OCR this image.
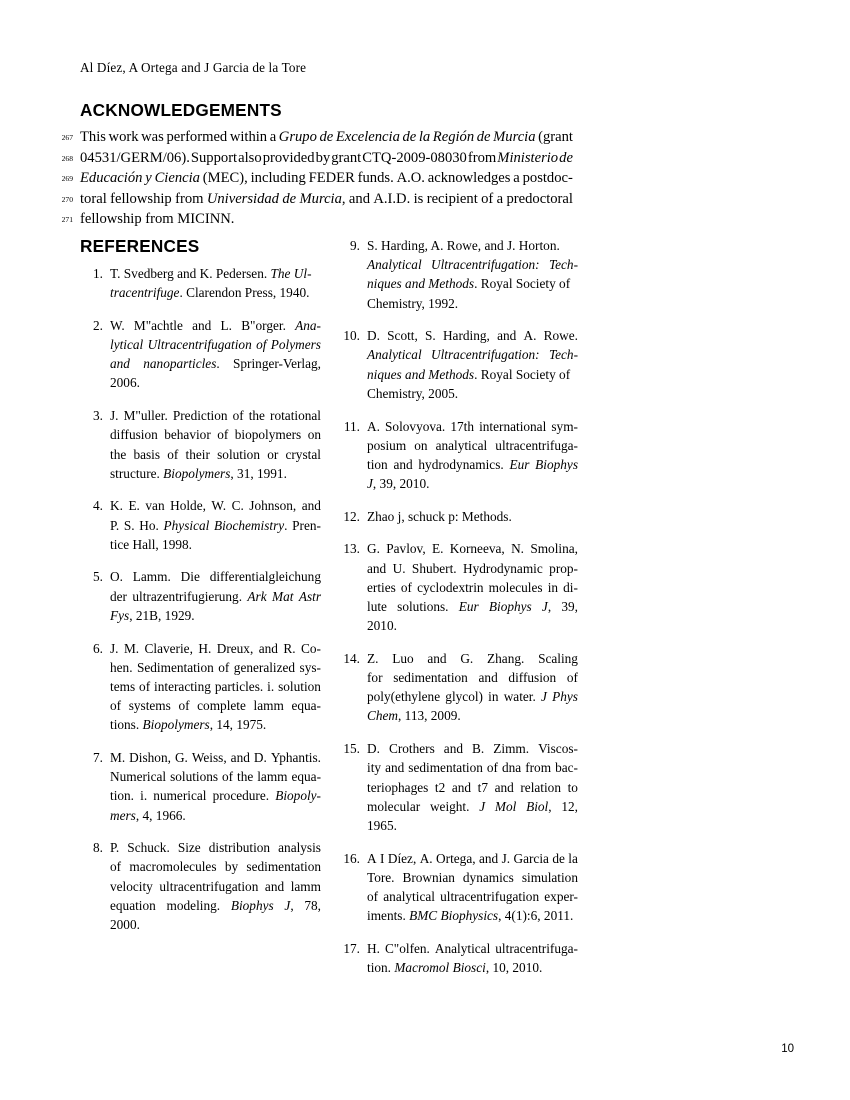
Al Díez, A Ortega and J Garcia de la Tore
ACKNOWLEDGEMENTS
267 This work was performed within a Grupo de Excelencia de la Región de Murcia (grant
268 04531/GERM/06). Support also provided by grant CTQ-2009-08030 from Ministerio de
269 Educación y Ciencia (MEC), including FEDER funds. A.O. acknowledges a postdoc-
270 toral fellowship from Universidad de Murcia, and A.I.D. is recipient of a predoctoral
271 fellowship from MICINN.
REFERENCES
1. T. Svedberg and K. Pedersen. The Ul-
tracentrifuge. Clarendon Press, 1940.
2. W. M"achtle and L. B"orger. Ana-
lytical Ultracentrifugation of Polymers
and nanoparticles. Springer-Verlag,
2006.
3. J. M"uller. Prediction of the rotational
diffusion behavior of biopolymers on
the basis of their solution or crystal
structure. Biopolymers, 31, 1991.
4. K. E. van Holde, W. C. Johnson, and
P. S. Ho. Physical Biochemistry. Pren-
tice Hall, 1998.
5. O. Lamm. Die differentialgleichung
der ultrazentrifugierung. Ark Mat Astr
Fys, 21B, 1929.
6. J. M. Claverie, H. Dreux, and R. Co-
hen. Sedimentation of generalized sys-
tems of interacting particles. i. solution
of systems of complete lamm equa-
tions. Biopolymers, 14, 1975.
7. M. Dishon, G. Weiss, and D. Yphantis.
Numerical solutions of the lamm equa-
tion. i. numerical procedure. Biopoly-
mers, 4, 1966.
8. P. Schuck. Size distribution analysis
of macromolecules by sedimentation
velocity ultracentrifugation and lamm
equation modeling. Biophys J, 78,
2000.
9. S. Harding, A. Rowe, and J. Horton.
Analytical Ultracentrifugation: Tech-
niques and Methods. Royal Society of
Chemistry, 1992.
10. D. Scott, S. Harding, and A. Rowe.
Analytical Ultracentrifugation: Tech-
niques and Methods. Royal Society of
Chemistry, 2005.
11. A. Solovyova. 17th international sym-
posium on analytical ultracentrifuga-
tion and hydrodynamics. Eur Biophys
J, 39, 2010.
12. Zhao j, schuck p: Methods.
13. G. Pavlov, E. Korneeva, N. Smolina,
and U. Shubert. Hydrodynamic prop-
erties of cyclodextrin molecules in di-
lute solutions. Eur Biophys J, 39,
2010.
14. Z. Luo and G. Zhang. Scaling
for sedimentation and diffusion of
poly(ethylene glycol) in water. J Phys
Chem, 113, 2009.
15. D. Crothers and B. Zimm. Viscos-
ity and sedimentation of dna from bac-
teriophages t2 and t7 and relation to
molecular weight. J Mol Biol, 12,
1965.
16. A I Díez, A. Ortega, and J. Garcia de la
Tore. Brownian dynamics simulation
of analytical ultracentrifugation exper-
iments. BMC Biophysics, 4(1):6, 2011.
17. H. C"olfen. Analytical ultracentrifuga-
tion. Macromol Biosci, 10, 2010.
10
